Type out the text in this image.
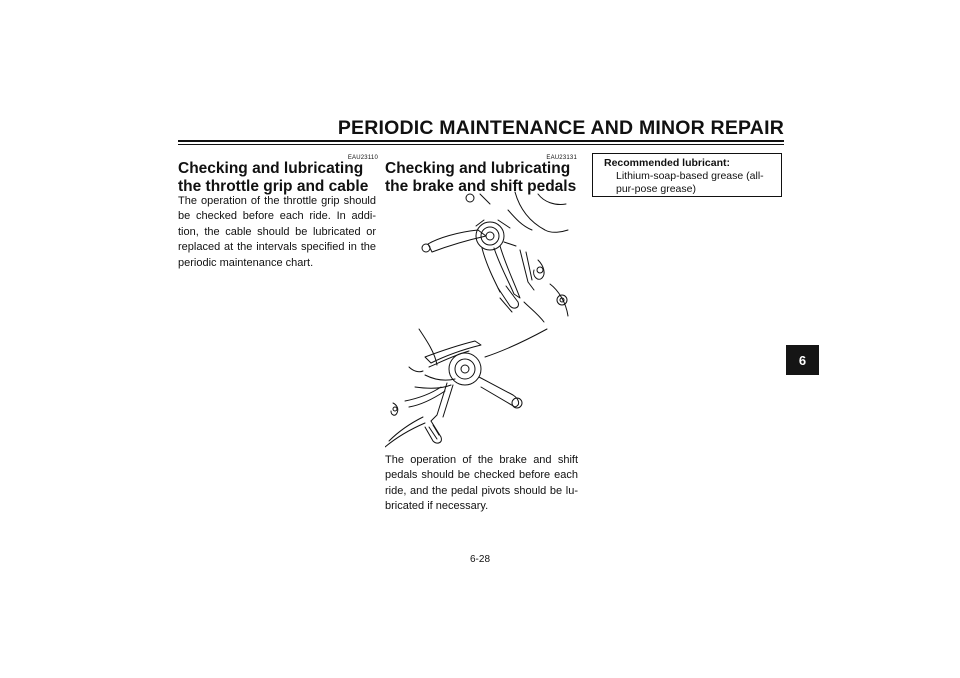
PERIODIC MAINTENANCE AND MINOR REPAIR
EAU23110
Checking and lubricating the throttle grip and cable

The operation of the throttle grip should be checked before each ride. In addi-tion, the cable should be lubricated or replaced at the intervals specified in the periodic maintenance chart.

EAU23131
Checking and lubricating the brake and shift pedals

The operation of the brake and shift pedals should be checked before each ride, and the pedal pivots should be lu-bricated if necessary.

Recommended lubricant:
Lithium-soap-based grease (all-pur-pose grease)
6
6-28
